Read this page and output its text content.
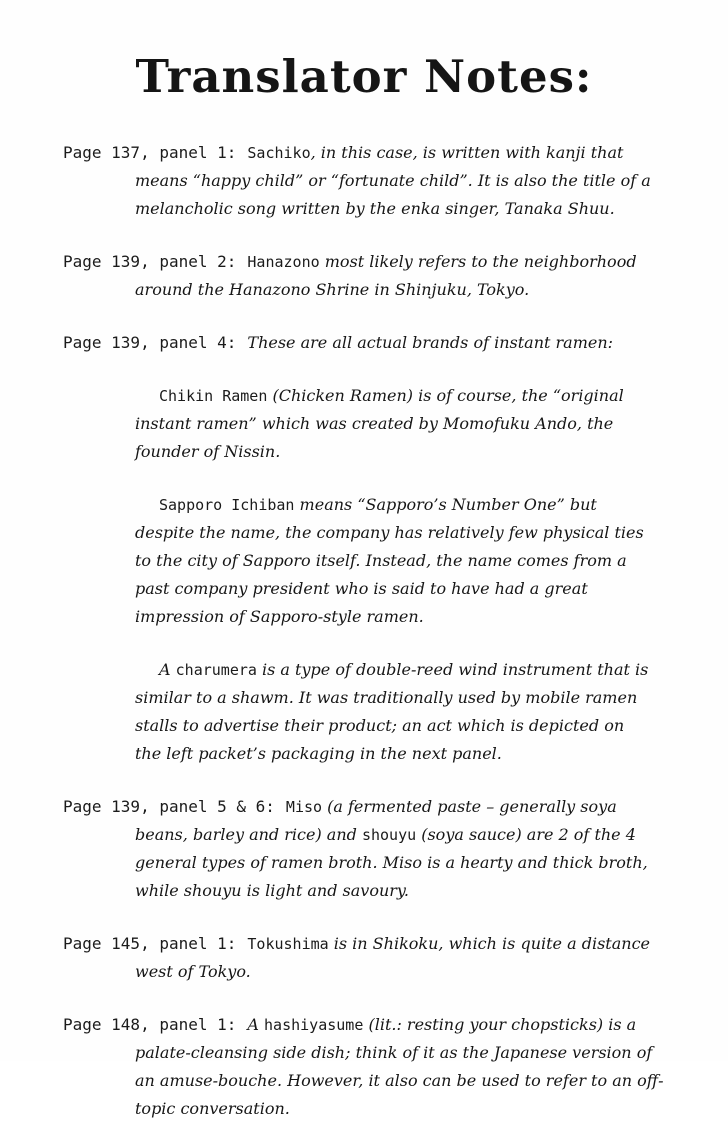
Translator Notes:
Page 137, panel 1: Sachiko, in this case, is written with kanji that means “happy child” or “fortunate child”. It is also the title of a melancholic song written by the enka singer, Tanaka Shuu.
Page 139, panel 2: Hanazono most likely refers to the neighborhood around the Hanazono Shrine in Shinjuku, Tokyo.
Page 139, panel 4: These are all actual brands of instant ramen:
Chikin Ramen (Chicken Ramen) is of course, the “original instant ramen” which was created by Momofuku Ando, the founder of Nissin.
Sapporo Ichiban means “Sapporo’s Number One” but despite the name, the company has relatively few physical ties to the city of Sapporo itself. Instead, the name comes from a past company president who is said to have had a great impression of Sapporo-style ramen.
A charumera is a type of double-reed wind instrument that is similar to a shawm. It was traditionally used by mobile ramen stalls to advertise their product; an act which is depicted on the left packet’s packaging in the next panel.
Page 139, panel 5 & 6: Miso (a fermented paste – generally soya beans, barley and rice) and shouyu (soya sauce) are 2 of the 4 general types of ramen broth. Miso is a hearty and thick broth, while shouyu is light and savoury.
Page 145, panel 1: Tokushima is in Shikoku, which is quite a distance west of Tokyo.
Page 148, panel 1: A hashiyasume (lit.: resting your chopsticks) is a palate-cleansing side dish; think of it as the Japanese version of an amuse-bouche. However, it also can be used to refer to an off-topic conversation.
